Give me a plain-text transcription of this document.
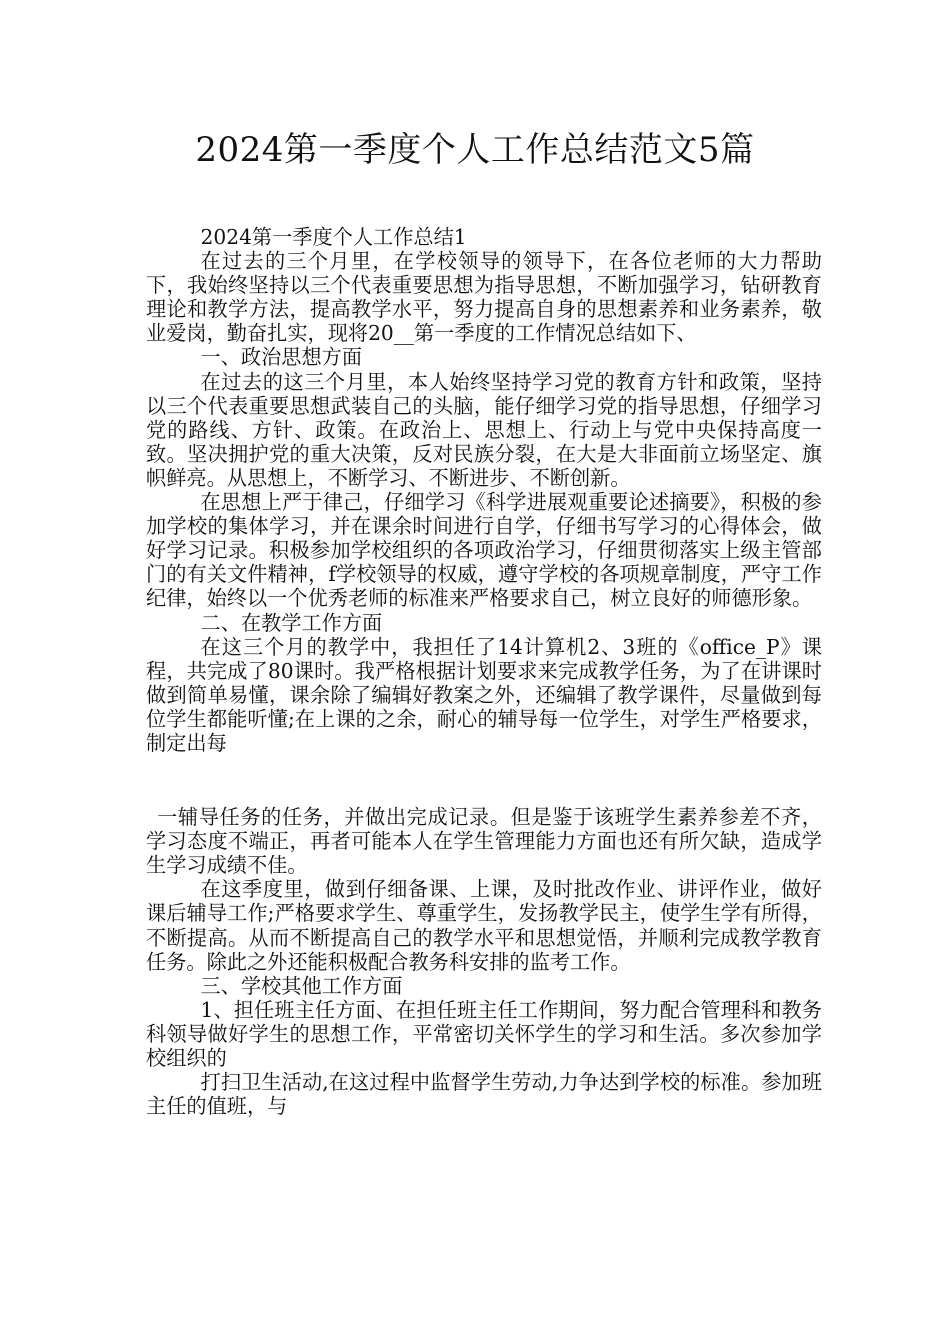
2024第一季度个人工作总结范文5篇

2024第一季度个人工作总结1

在过去的三个月里，在学校领导的领导下，在各位老师的大力帮助下，我始终坚持以三个代表重要思想为指导思想，不断加强学习，钻研教育理论和教学方法，提高教学水平，努力提高自身的思想素养和业务素养，敬业爱岗，勤奋扎实，现将20__第一季度的工作情况总结如下、

一、政治思想方面

在过去的这三个月里，本人始终坚持学习党的教育方针和政策，坚持以三个代表重要思想武装自己的头脑，能仔细学习党的指导思想，仔细学习党的路线、方针、政策。在政治上、思想上、行动上与党中央保持高度一致。坚决拥护党的重大决策，反对民族分裂，在大是大非面前立场坚定、旗帜鲜亮。从思想上，不断学习、不断进步、不断创新。

在思想上严于律己，仔细学习《科学进展观重要论述摘要》，积极的参加学校的集体学习，并在课余时间进行自学，仔细书写学习的心得体会，做好学习记录。积极参加学校组织的各项政治学习，仔细贯彻落实上级主管部门的有关文件精神，f学校领导的权威，遵守学校的各项规章制度，严守工作纪律，始终以一个优秀老师的标准来严格要求自己，树立良好的师德形象。

二、在教学工作方面

在这三个月的教学中，我担任了14计算机2、3班的《office_P》课程，共完成了80课时。我严格根据计划要求来完成教学任务，为了在讲课时做到简单易懂，课余除了编辑好教案之外，还编辑了教学课件，尽量做到每位学生都能听懂;在上课的之余，耐心的辅导每一位学生，对学生严格要求，制定出每

一辅导任务的任务，并做出完成记录。但是鉴于该班学生素养参差不齐，学习态度不端正，再者可能本人在学生管理能力方面也还有所欠缺，造成学生学习成绩不佳。

在这季度里，做到仔细备课、上课，及时批改作业、讲评作业，做好课后辅导工作;严格要求学生、尊重学生，发扬教学民主，使学生学有所得，不断提高。从而不断提高自己的教学水平和思想觉悟，并顺利完成教学教育任务。除此之外还能积极配合教务科安排的监考工作。

三、学校其他工作方面

1、担任班主任方面、在担任班主任工作期间，努力配合管理科和教务科领导做好学生的思想工作，平常密切关怀学生的学习和生活。多次参加学校组织的

打扫卫生活动,在这过程中监督学生劳动,力争达到学校的标准。参加班主任的值班，与
